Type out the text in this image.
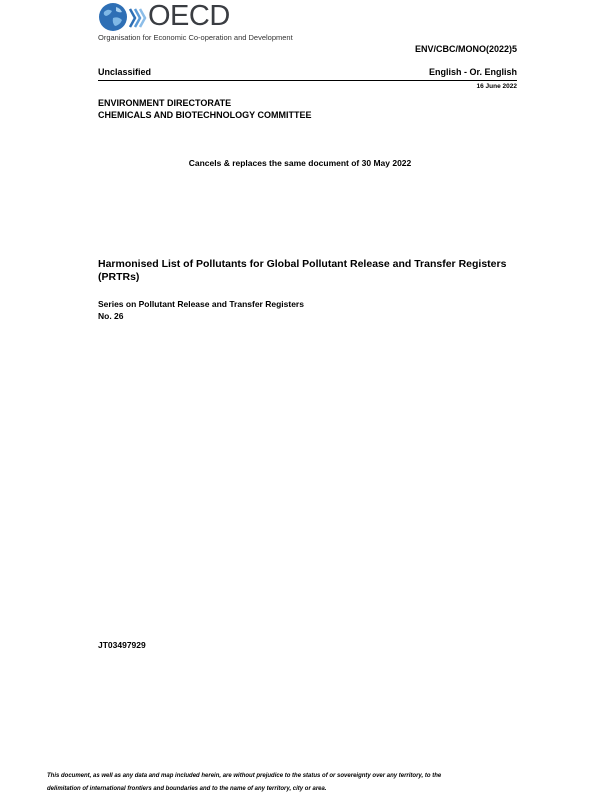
OECD
Organisation for Economic Co-operation and Development
ENV/CBC/MONO(2022)5
Unclassified	English - Or. English
16 June 2022
ENVIRONMENT DIRECTORATE
CHEMICALS AND BIOTECHNOLOGY COMMITTEE
Cancels & replaces the same document of 30 May 2022
Harmonised List of Pollutants for Global Pollutant Release and Transfer Registers (PRTRs)
Series on Pollutant Release and Transfer Registers
No. 26
JT03497929
This document, as well as any data and map included herein, are without prejudice to the status of or sovereignty over any territory, to the
delimitation of international frontiers and boundaries and to the name of any territory, city or area.
